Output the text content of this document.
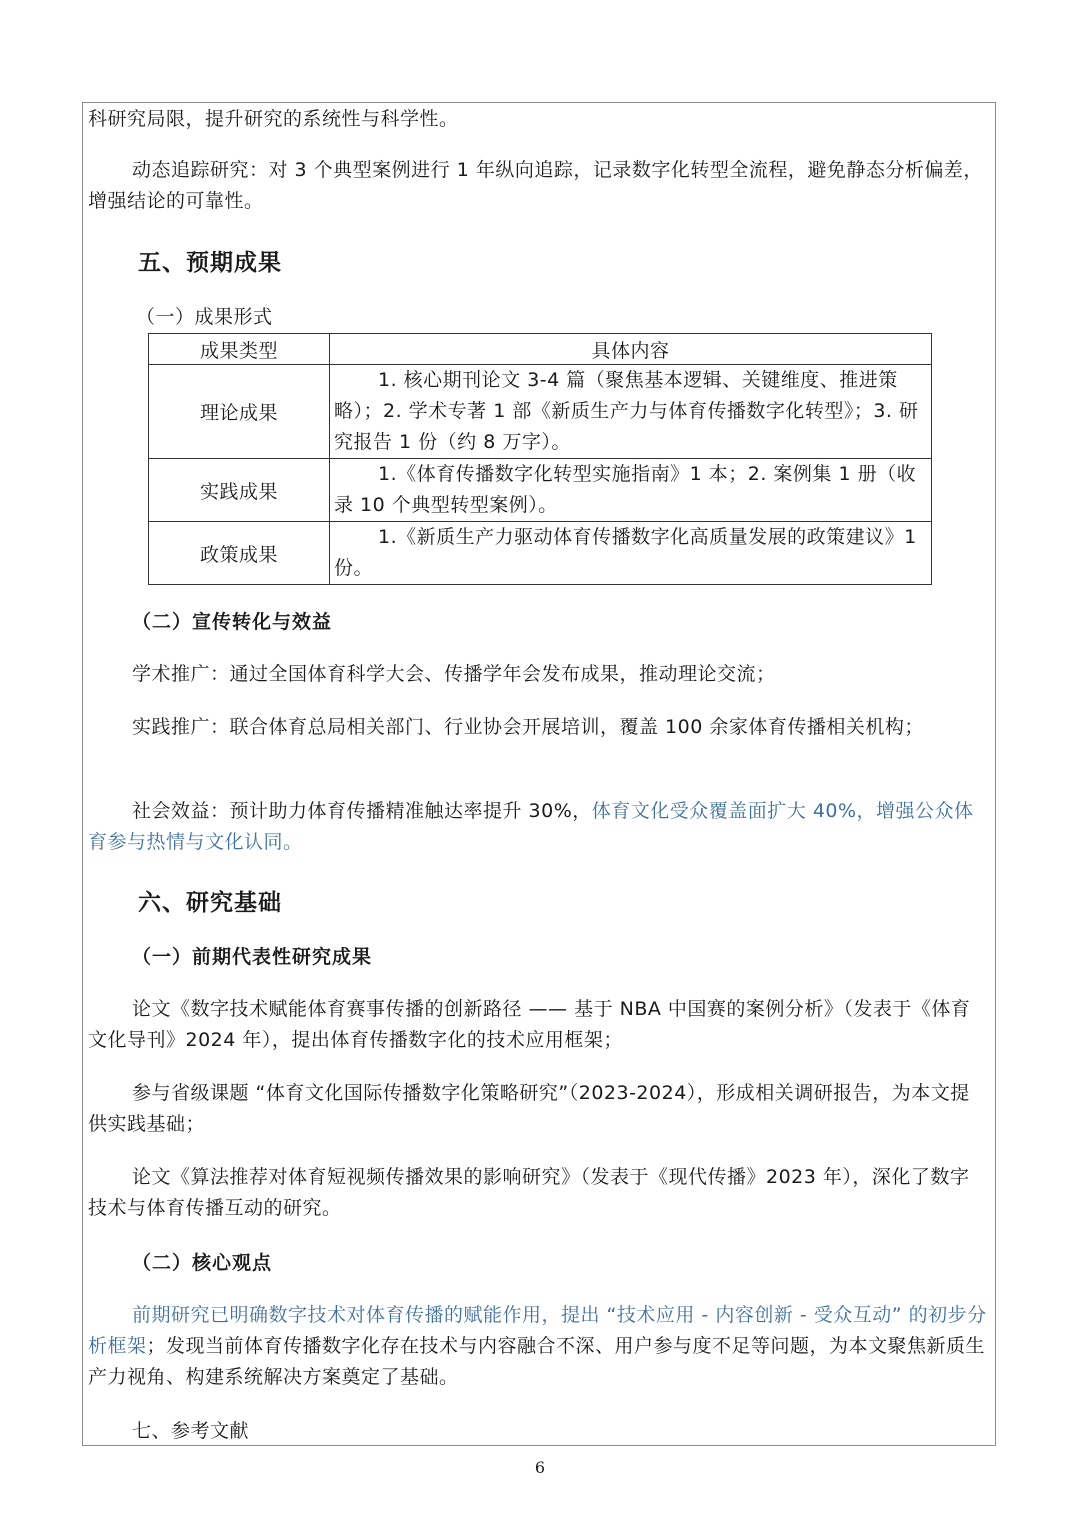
科研究局限，提升研究的系统性与科学性。

动态追踪研究：对 3 个典型案例进行 1 年纵向追踪，记录数字化转型全流程，避免静态分析偏差，增强结论的可靠性。

五、预期成果
（一）成果形式
成果类型	具体内容
理论成果	1. 核心期刊论文 3-4 篇（聚焦基本逻辑、关键维度、推进策略）；2. 学术专著 1 部《新质生产力与体育传播数字化转型》；3. 研究报告 1 份（约 8 万字）。
实践成果	1.《体育传播数字化转型实施指南》1 本；2. 案例集 1 册（收录 10 个典型转型案例）。
政策成果	1.《新质生产力驱动体育传播数字化高质量发展的政策建议》1 份。
（二）宣传转化与效益

学术推广：通过全国体育科学大会、传播学年会发布成果，推动理论交流；

实践推广：联合体育总局相关部门、行业协会开展培训，覆盖 100 余家体育传播相关机构；

社会效益：预计助力体育传播精准触达率提升 30%，体育文化受众覆盖面扩大 40%，增强公众体育参与热情与文化认同。

六、研究基础
（一）前期代表性研究成果

论文《数字技术赋能体育赛事传播的创新路径 —— 基于 NBA 中国赛的案例分析》（发表于《体育文化导刊》2024 年），提出体育传播数字化的技术应用框架；

参与省级课题 “体育文化国际传播数字化策略研究”（2023-2024），形成相关调研报告，为本文提供实践基础；

论文《算法推荐对体育短视频传播效果的影响研究》（发表于《现代传播》2023 年），深化了数字技术与体育传播互动的研究。

（二）核心观点

前期研究已明确数字技术对体育传播的赋能作用，提出 “技术应用 - 内容创新 - 受众互动” 的初步分析框架；发现当前体育传播数字化存在技术与内容融合不深、用户参与度不足等问题，为本文聚焦新质生产力视角、构建系统解决方案奠定了基础。

七、参考文献
6
